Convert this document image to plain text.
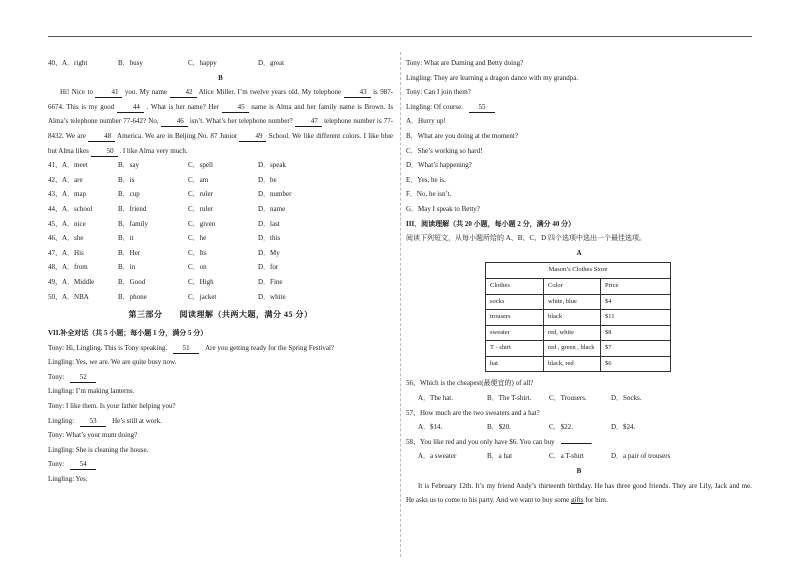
40、A．right	B．busy	C．happy	D．great
B
Hi! Nice to	41 you. My name	42 Alice Miller. I’m twelve years old. My telephone	43 is 987-6674. This is my good	44 . What is her name? Her	45 name is Alma and her family name is Brown. Is Alma’s telephone number 77-642? No,	46 isn’t. What’s her telephone number?	47 telephone number is 77-8432. We are	48 America. We are in Beijing No. 87 Junior	49 School. We like different colors. I like blue but Alma likes	50 . I like Alma very much.
41、A．meet	B．say	C．spell	D．speak
42、A．are	B．is	C．am	D．be
43、A．map	B．cup	C．ruler	D．number
44、A．school	B．friend	C．ruler	D．name
45、A．nice	B．family	C．given	D．last
46、A．she	B．it	C．he	D．this
47、A．His	B．Her	C．Its	D．My
48、A．from	B．in	C．on	D．for
49、A．Middle	B．Good	C．High	D．Fine
50、A．NBA	B．phone	C．jacket	D．white
第三部分　　阅读理解（共两大题，满分 45 分）
VII.补全对话（共 5 小题；每小题 1 分，满分 5 分）
Tony: Hi, Lingling. This is Tony speaking. 51 Are you getting ready for the Spring Festival?
Lingling: Yes, we are. We are quite busy now.
Tony: 52
Lingling: I’m making lanterns.
Tony: I like them. Is your father helping you?
Lingling: 53 He’s still at work.
Tony: What’s your mum doing?
Lingling: She is cleaning the house.
Tony: 54
Lingling: Yes.
Tony: What are Daming and Betty doing?
Lingling: They are learning a dragon dance with my grandpa.
Tony: Can I join them?
Lingling: Of course. 55
A．Hurry up!
B．What are you doing at the moment?
C．She’s working so hard!
D．What’s happening?
E．Yes, he is.
F．No, he isn’t.
G．May I speak to Betty?
III．阅读理解（共 20 小题，每小题 2 分，满分 40 分）
阅读下列短文，从每小题所给的 A、B、C、D 四个选项中选出一个最佳选项。
A
Mason’s Clothes Store		
Clothes	Color	Price
socks	white, blue	$4
trousers	black	$11
sweater	red, white	$8
T - shirt	red , green , black	$7
hat	black, red	$6
56、Which is the cheapest(最便宜的) of all?
A．The hat.	B．The T-shirt.	C．Trousers.	D．Socks.
57、How much are the two sweaters and a hat?
A．$14.	B．$20.	C．$22.	D．$24.
58、You like red and you only have $6. You can buy	.
A．a sweater	B．a hat	C．a T-shirt	D．a pair of trousers
B
It is February 12th. It’s my friend Andy’s thirteenth birthday. He has three good friends. They are Lily, Jack and me. He asks us to come to his party. And we want to buy some gifts for him.
